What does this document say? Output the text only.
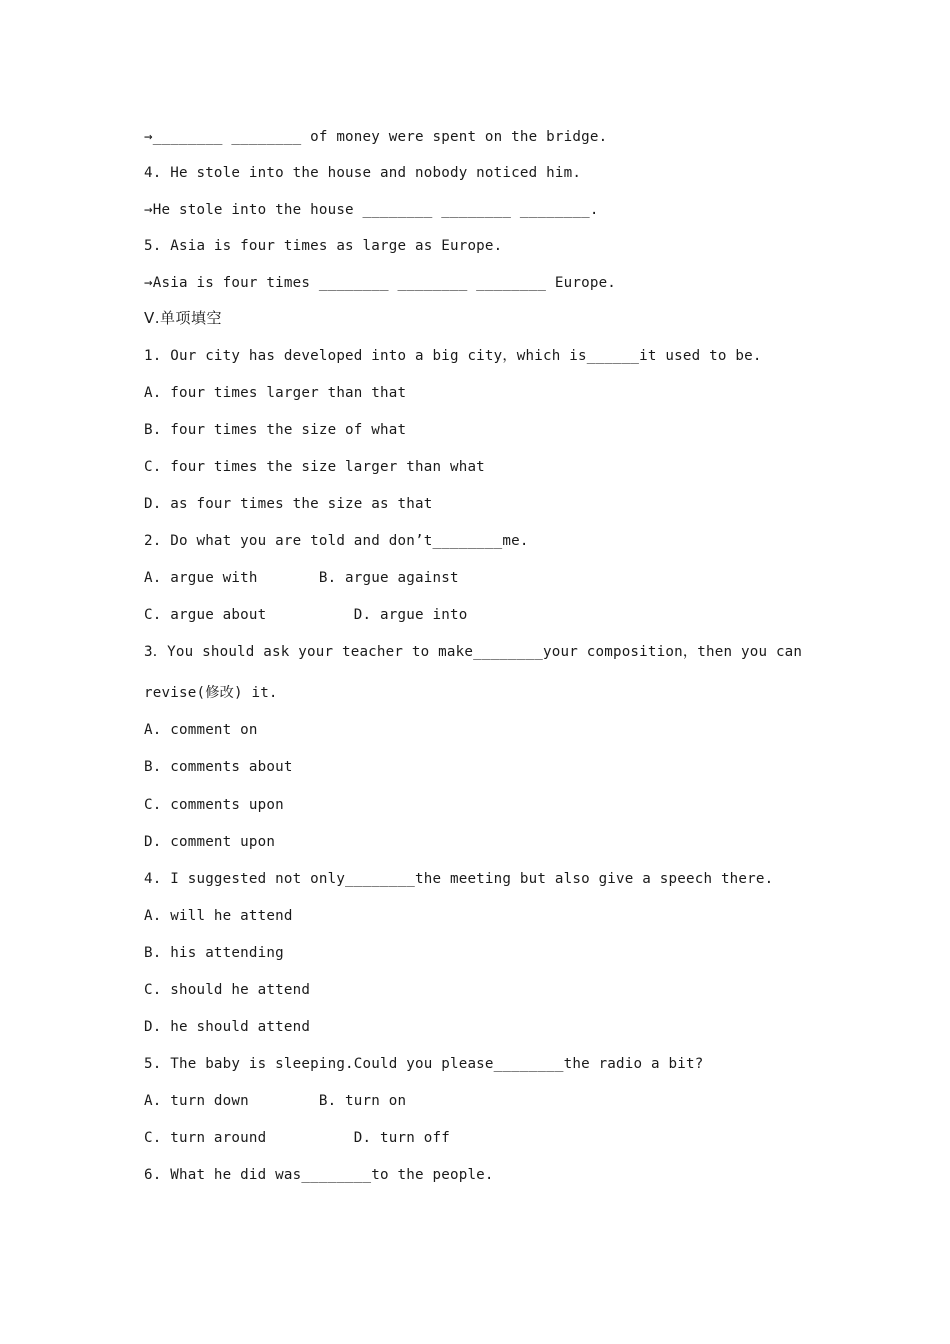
→________ ________ of money were spent on the bridge.
4. He stole into the house and nobody noticed him.
→He stole into the house ________ ________ ________.
5. Asia is four times as large as Europe.
→Asia is four times ________ ________ ________ Europe.
Ⅴ.单项填空
1. Our city has developed into a big city，which is______it used to be.
A. four times larger than that
B. four times the size of what
C. four times the size larger than what
D. as four times the size as that
2. Do what you are told and don’t________me.
A. argue with       B. argue against
C. argue about          D. argue into
3．You should ask your teacher to make________your composition，then you can
revise(修改) it.
A. comment on
B. comments about
C. comments upon
D. comment upon
4. I suggested not only________the meeting but also give a speech there.
A. will he attend
B. his attending
C. should he attend
D. he should attend
5. The baby is sleeping.Could you please________the radio a bit?
A. turn down        B. turn on
C. turn around          D. turn off
6. What he did was________to the people.
